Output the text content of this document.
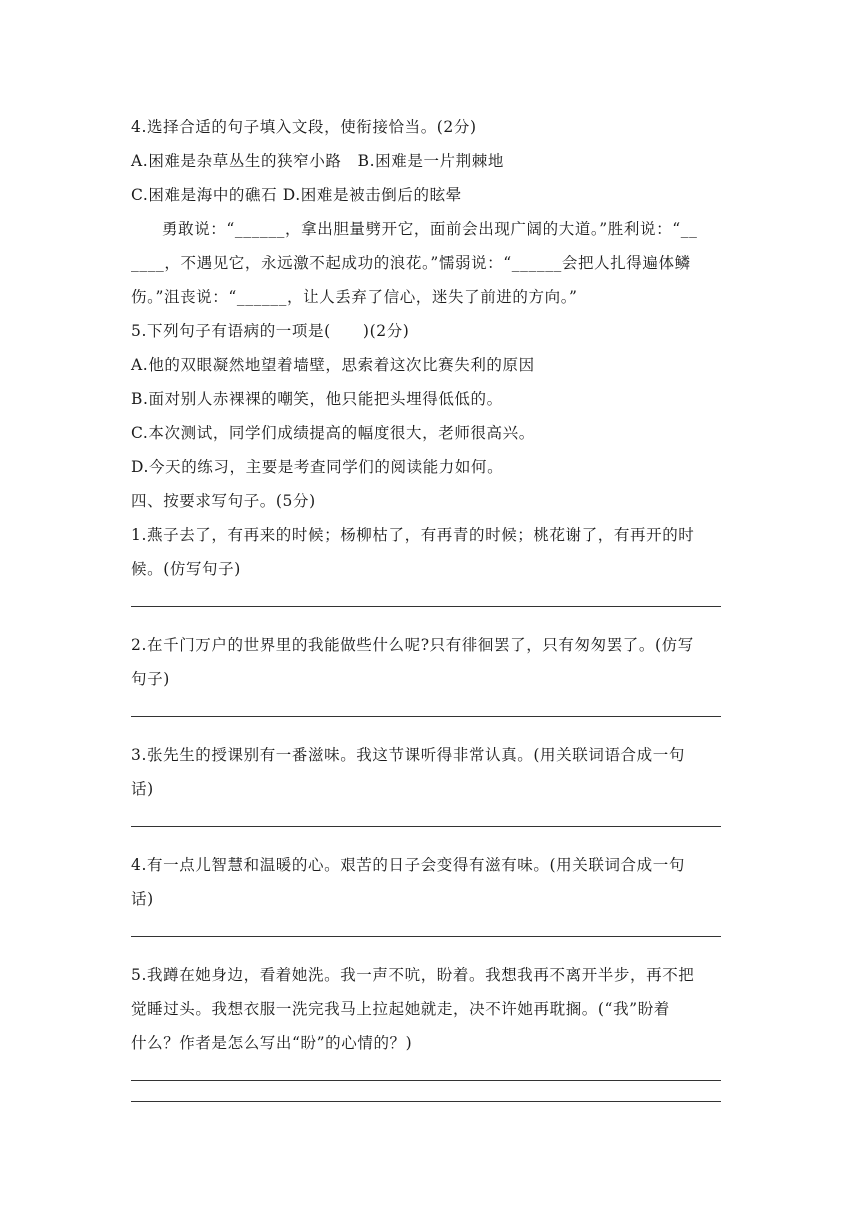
4.选择合适的句子填入文段，使衔接恰当。(2分)
A.困难是杂草丛生的狭窄小路　B.困难是一片荆棘地
C.困难是海中的礁石 D.困难是被击倒后的眩晕
勇敢说：“______，拿出胆量劈开它，面前会出现广阔的大道。”胜利说：“__
____，不遇见它，永远激不起成功的浪花。”懦弱说：“______会把人扎得遍体鳞
伤。”沮丧说：“______，让人丢弃了信心，迷失了前进的方向。”
5.下列句子有语病的一项是(　　)(2分)
A.他的双眼凝然地望着墙壁，思索着这次比赛失利的原因
B.面对别人赤裸裸的嘲笑，他只能把头埋得低低的。
C.本次测试，同学们成绩提高的幅度很大，老师很高兴。
D.今天的练习，主要是考查同学们的阅读能力如何。
四、按要求写句子。(5分)
1.燕子去了，有再来的时候；杨柳枯了，有再青的时候；桃花谢了，有再开的时
候。(仿写句子)
2.在千门万户的世界里的我能做些什么呢?只有徘徊罢了，只有匆匆罢了。(仿写
句子)
3.张先生的授课别有一番滋味。我这节课听得非常认真。(用关联词语合成一句
话)
4.有一点儿智慧和温暖的心。艰苦的日子会变得有滋有味。(用关联词合成一句
话)
5.我蹲在她身边，看着她洗。我一声不吭，盼着。我想我再不离开半步，再不把
觉睡过头。我想衣服一洗完我马上拉起她就走，决不许她再耽搁。(“我”盼着
什么？作者是怎么写出“盼”的心情的？)
